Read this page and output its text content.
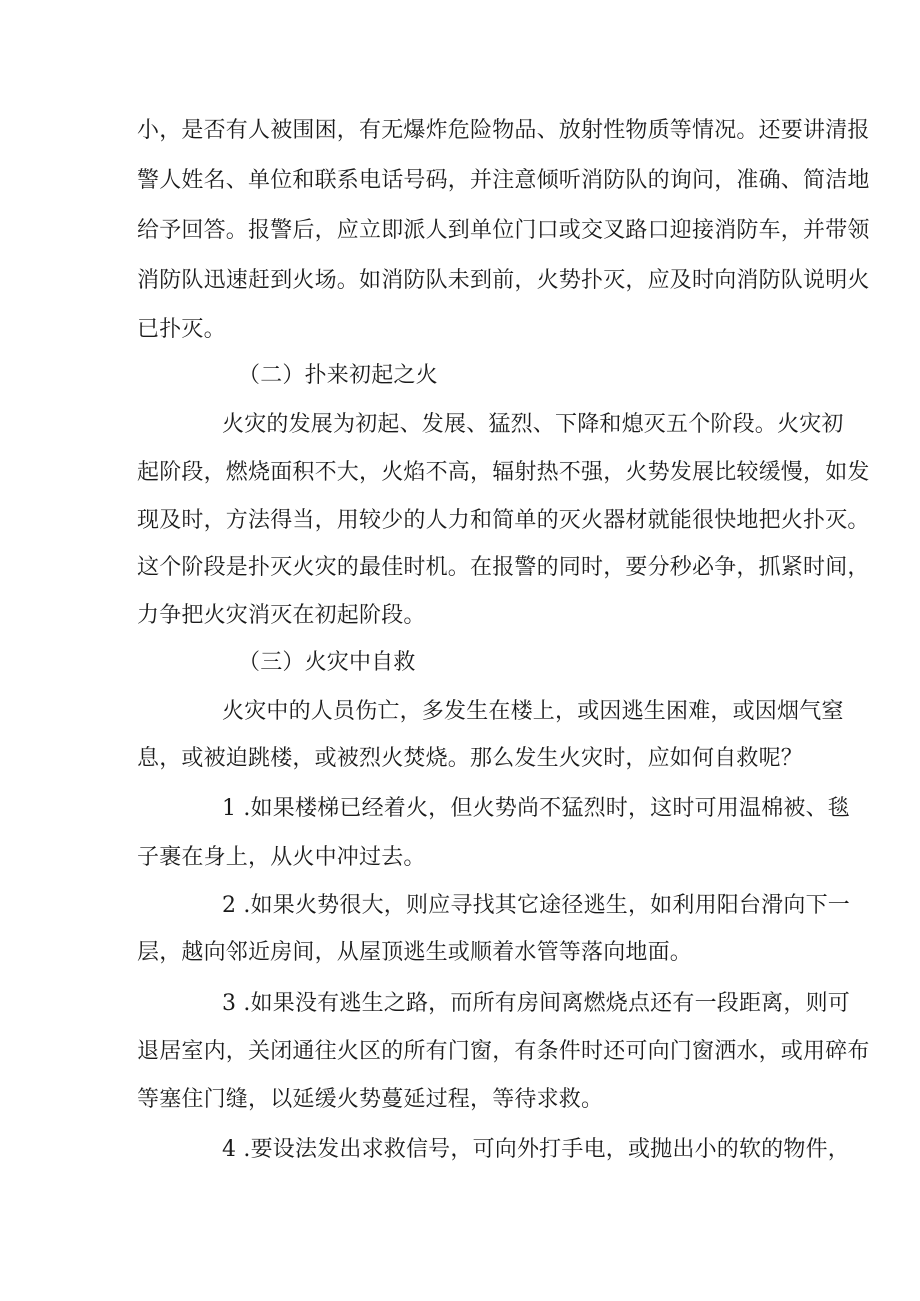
小，是否有人被围困，有无爆炸危险物品、放射性物质等情况。还要讲清报
警人姓名、单位和联系电话号码，并注意倾听消防队的询问，准确、简洁地
给予回答。报警后，应立即派人到单位门口或交叉路口迎接消防车，并带领
消防队迅速赶到火场。如消防队未到前，火势扑灭，应及时向消防队说明火
已扑灭。
（二）扑来初起之火
火灾的发展为初起、发展、猛烈、下降和熄灭五个阶段。火灾初
起阶段，燃烧面积不大，火焰不高，辐射热不强，火势发展比较缓慢，如发
现及时，方法得当，用较少的人力和简单的灭火器材就能很快地把火扑灭。
这个阶段是扑灭火灾的最佳时机。在报警的同时，要分秒必争，抓紧时间，
力争把火灾消灭在初起阶段。
（三）火灾中自救
火灾中的人员伤亡，多发生在楼上，或因逃生困难，或因烟气窒
息，或被迫跳楼，或被烈火焚烧。那么发生火灾时，应如何自救呢？
1 .如果楼梯已经着火，但火势尚不猛烈时，这时可用温棉被、毯
子裹在身上，从火中冲过去。
2 .如果火势很大，则应寻找其它途径逃生，如利用阳台滑向下一
层，越向邻近房间，从屋顶逃生或顺着水管等落向地面。
3 .如果没有逃生之路，而所有房间离燃烧点还有一段距离，则可
退居室内，关闭通往火区的所有门窗，有条件时还可向门窗洒水，或用碎布
等塞住门缝，以延缓火势蔓延过程，等待求救。
4 .要设法发出求救信号，可向外打手电，或抛出小的软的物件，
